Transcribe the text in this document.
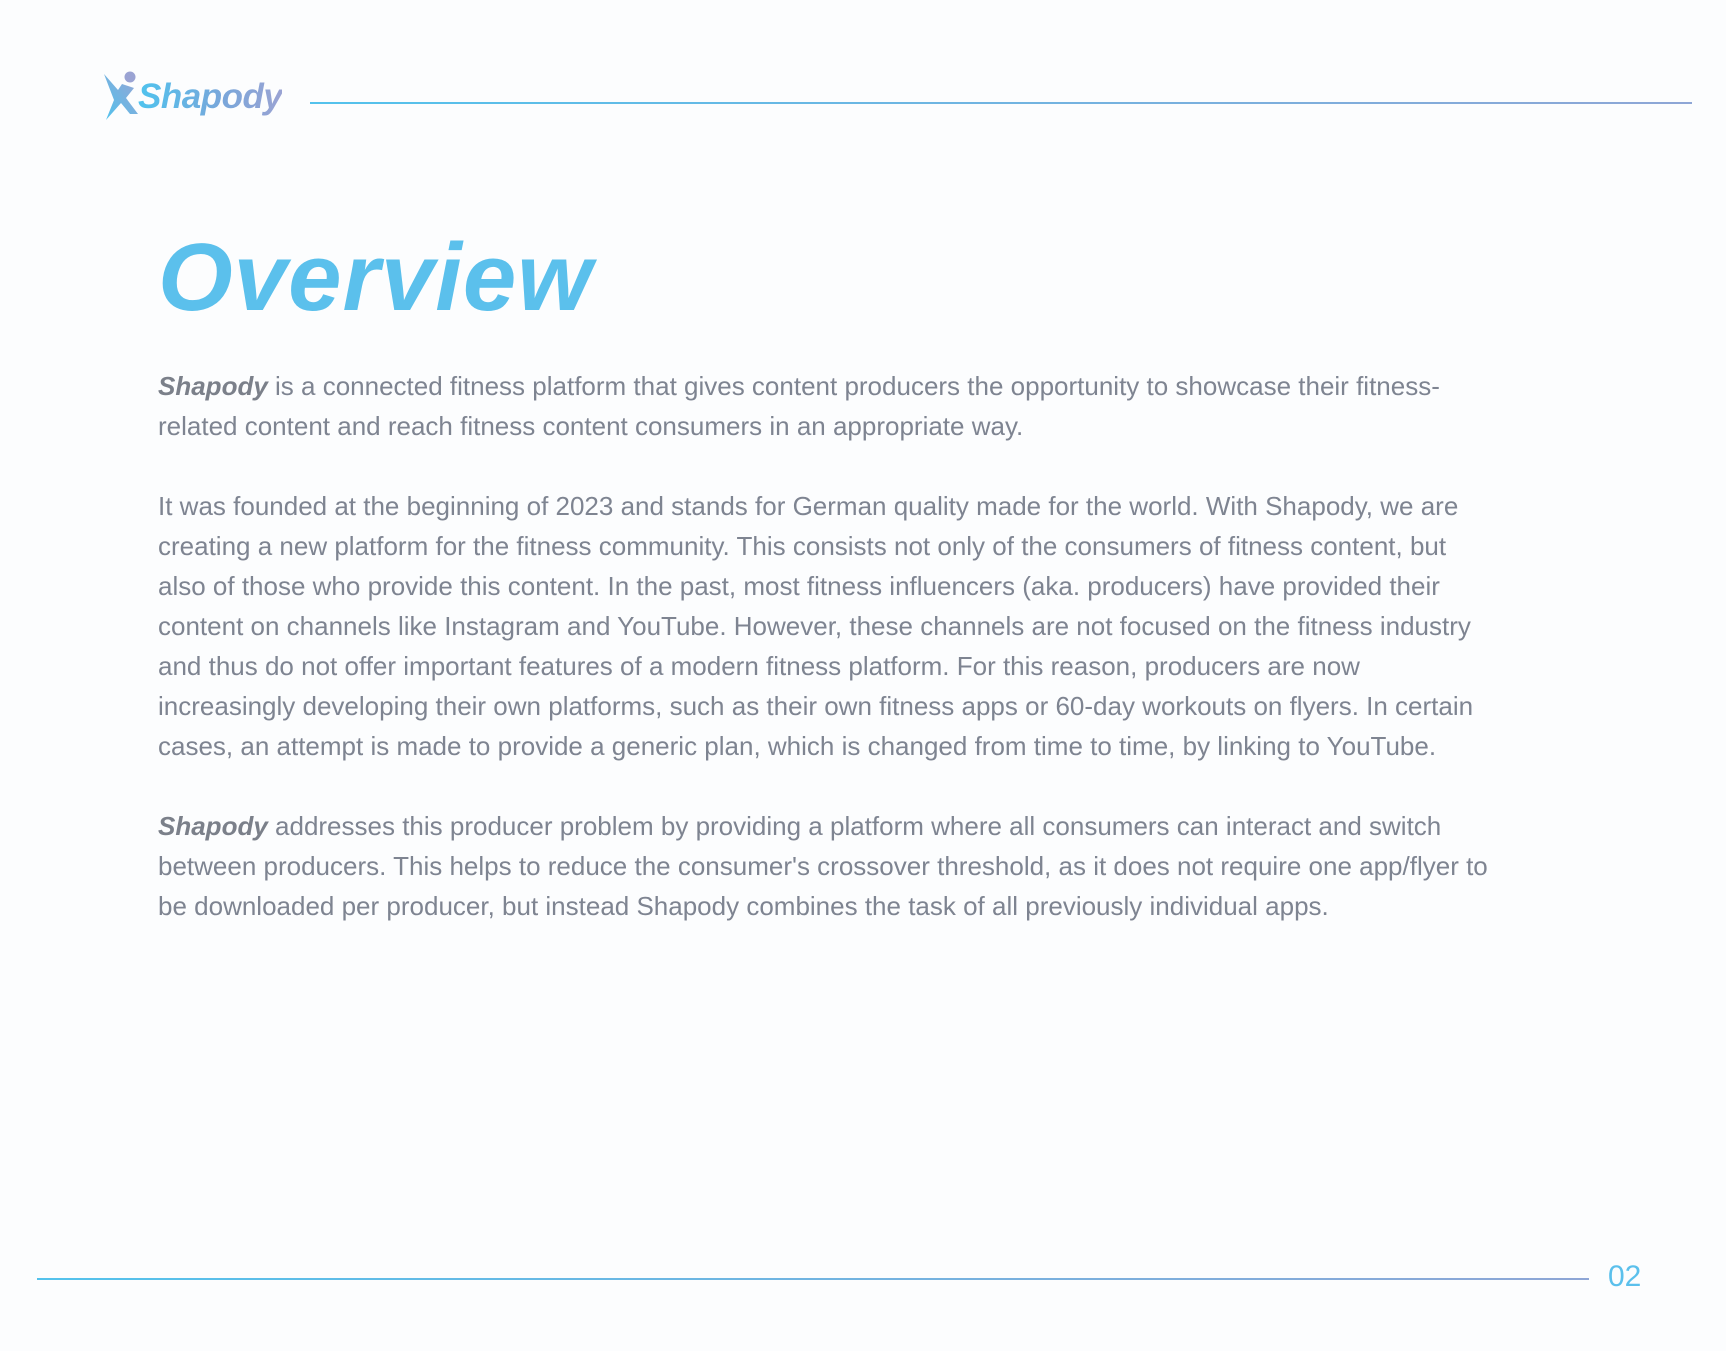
Shapody
Overview

Shapody is a connected fitness platform that gives content producers the opportunity to showcase their fitness-related content and reach fitness content consumers in an appropriate way.

It was founded at the beginning of 2023 and stands for German quality made for the world. With Shapody, we are creating a new platform for the fitness community. This consists not only of the consumers of fitness content, but also of those who provide this content. In the past, most fitness influencers (aka. producers) have provided their content on channels like Instagram and YouTube. However, these channels are not focused on the fitness industry and thus do not offer important features of a modern fitness platform. For this reason, producers are now increasingly developing their own platforms, such as their own fitness apps or 60-day workouts on flyers. In certain cases, an attempt is made to provide a generic plan, which is changed from time to time, by linking to YouTube.

Shapody addresses this producer problem by providing a platform where all consumers can interact and switch between producers. This helps to reduce the consumer's crossover threshold, as it does not require one app/flyer to be downloaded per producer, but instead Shapody combines the task of all previously individual apps.

02
